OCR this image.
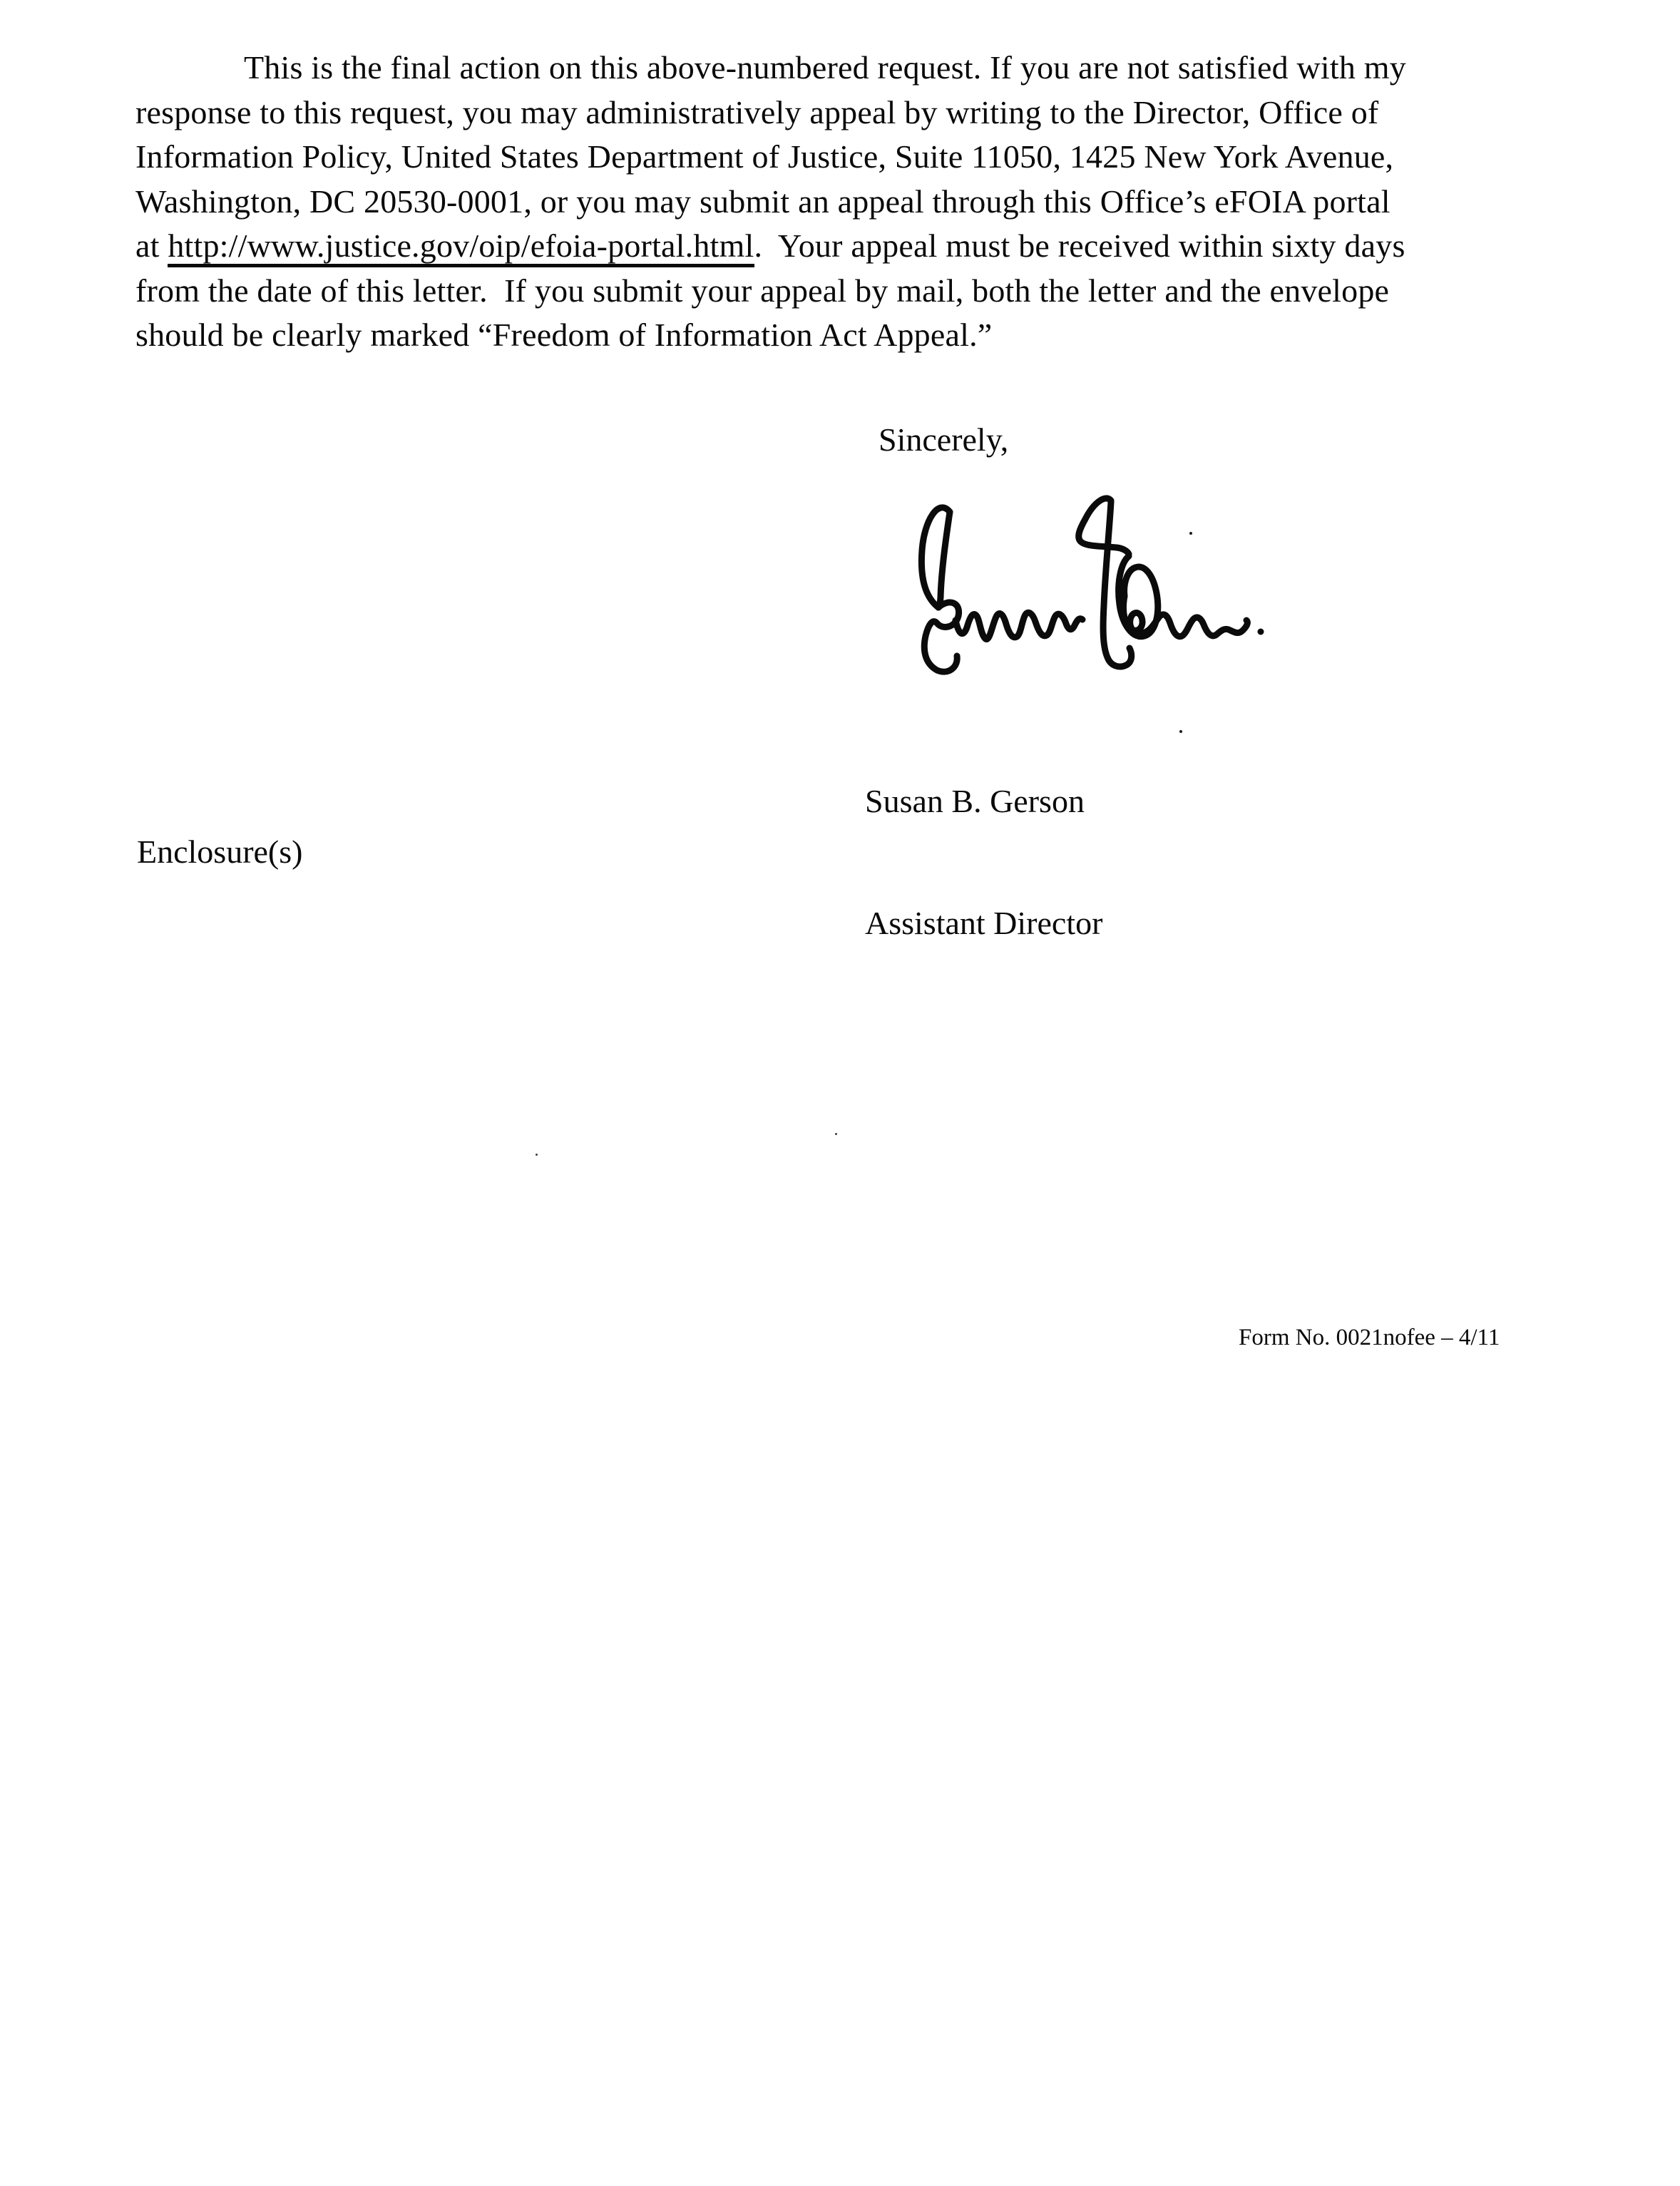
This is the final action on this above-numbered request. If you are not satisfied with my
response to this request, you may administratively appeal by writing to the Director, Office of
Information Policy, United States Department of Justice, Suite 11050, 1425 New York Avenue,
Washington, DC 20530-0001, or you may submit an appeal through this Office’s eFOIA portal
at http://www.justice.gov/oip/efoia-portal.html.  Your appeal must be received within sixty days
from the date of this letter.  If you submit your appeal by mail, both the letter and the envelope
should be clearly marked “Freedom of Information Act Appeal.”
Sincerely,

Susan B. Gerson

Assistant Director

Enclosure(s)
Form No. 0021nofee – 4/11
